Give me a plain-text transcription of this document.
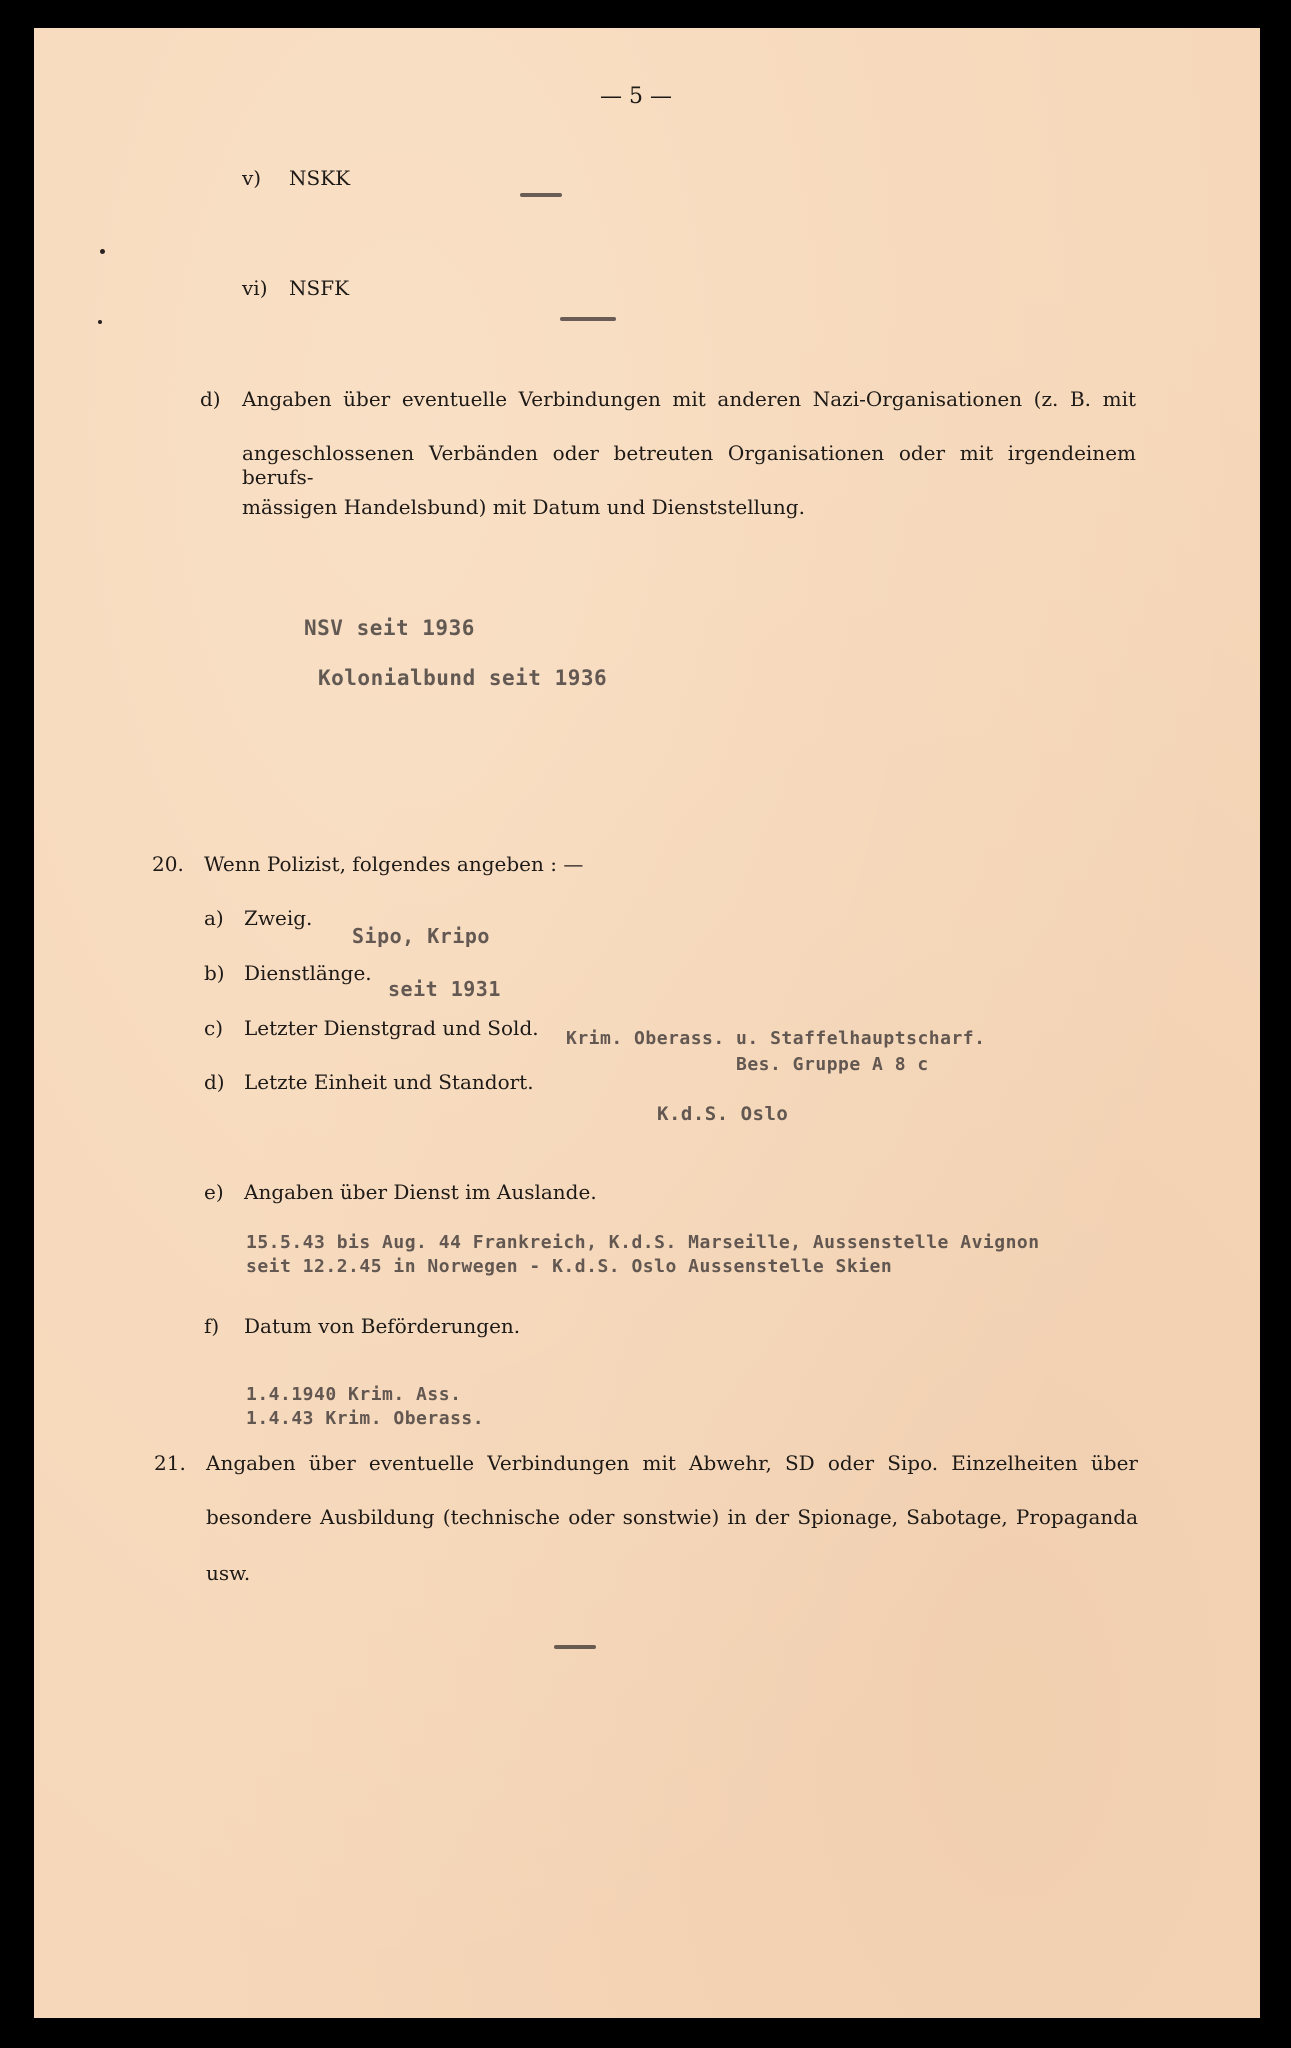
— 5 —
v) NSKK
vi) NSFK
d) Angaben über eventuelle Verbindungen mit anderen Nazi-Organisationen (z. B. mit
angeschlossenen Verbänden oder betreuten Organisationen oder mit irgendeinem berufs-
mässigen Handelsbund) mit Datum und Dienststellung.
NSV seit 1936
Kolonialbund seit 1936
20. Wenn Polizist, folgendes angeben : —
a) Zweig.
Sipo, Kripo
b) Dienstlänge.
seit 1931
c) Letzter Dienstgrad und Sold. Krim. Oberass. u. Staffelhauptscharf.
Bes. Gruppe A 8 c
d) Letzte Einheit und Standort.
K.d.S. Oslo
e) Angaben über Dienst im Auslande.
15.5.43 bis Aug. 44 Frankreich, K.d.S. Marseille, Aussenstelle Avignon
seit 12.2.45 in Norwegen - K.d.S. Oslo Aussenstelle Skien
f) Datum von Beförderungen.
1.4.1940 Krim. Ass.
1.4.43 Krim. Oberass.
21. Angaben über eventuelle Verbindungen mit Abwehr, SD oder Sipo. Einzelheiten über
besondere Ausbildung (technische oder sonstwie) in der Spionage, Sabotage, Propaganda
usw.
